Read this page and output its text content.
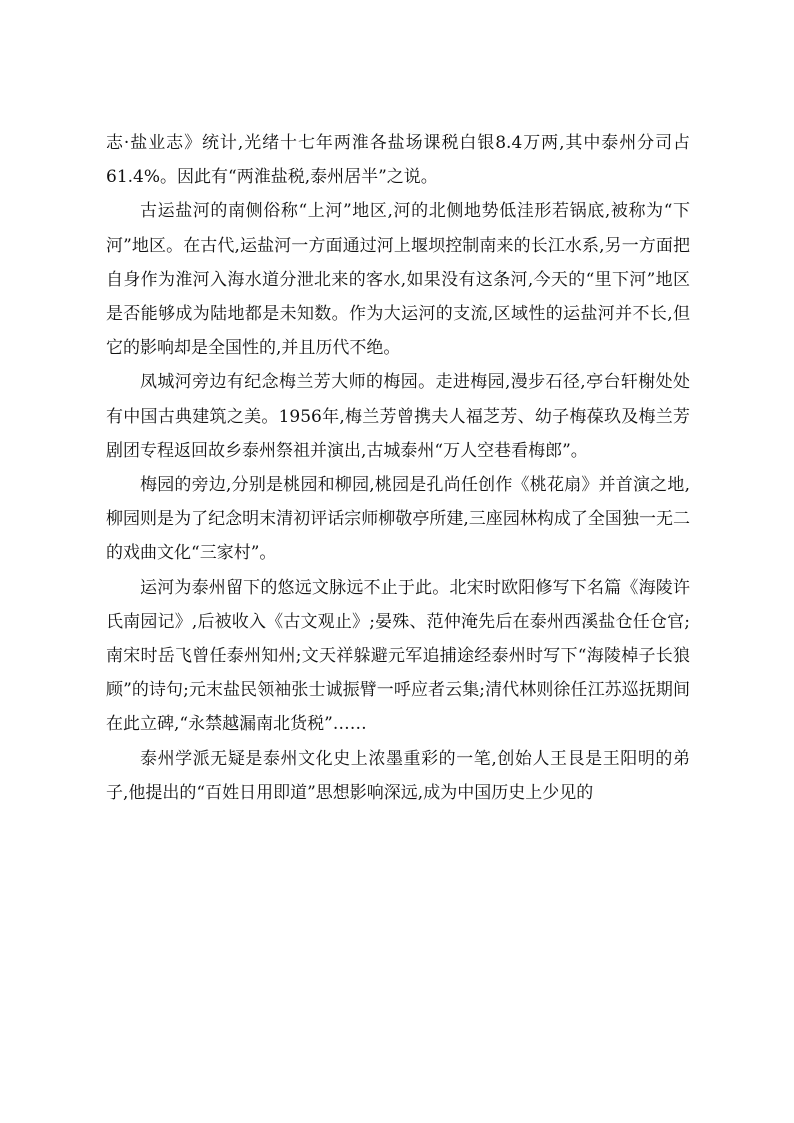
志·盐业志》统计,光绪十七年两淮各盐场课税白银8.4万两,其中泰州分司占61.4%。因此有“两淮盐税,泰州居半”之说。

古运盐河的南侧俗称“上河”地区,河的北侧地势低洼形若锅底,被称为“下河”地区。在古代,运盐河一方面通过河上堰坝控制南来的长江水系,另一方面把自身作为淮河入海水道分泄北来的客水,如果没有这条河,今天的“里下河”地区是否能够成为陆地都是未知数。作为大运河的支流,区域性的运盐河并不长,但它的影响却是全国性的,并且历代不绝。

凤城河旁边有纪念梅兰芳大师的梅园。走进梅园,漫步石径,亭台轩榭处处有中国古典建筑之美。1956年,梅兰芳曾携夫人福芝芳、幼子梅葆玖及梅兰芳剧团专程返回故乡泰州祭祖并演出,古城泰州“万人空巷看梅郎”。

梅园的旁边,分别是桃园和柳园,桃园是孔尚任创作《桃花扇》并首演之地,柳园则是为了纪念明末清初评话宗师柳敬亭所建,三座园林构成了全国独一无二的戏曲文化“三家村”。

运河为泰州留下的悠远文脉远不止于此。北宋时欧阳修写下名篇《海陵许氏南园记》,后被收入《古文观止》;晏殊、范仲淹先后在泰州西溪盐仓任仓官;南宋时岳飞曾任泰州知州;文天祥躲避元军追捕途经泰州时写下“海陵棹子长狼顾”的诗句;元末盐民领袖张士诚振臂一呼应者云集;清代林则徐任江苏巡抚期间在此立碑,“永禁越漏南北货税”……

泰州学派无疑是泰州文化史上浓墨重彩的一笔,创始人王艮是王阳明的弟子,他提出的“百姓日用即道”思想影响深远,成为中国历史上少见的
